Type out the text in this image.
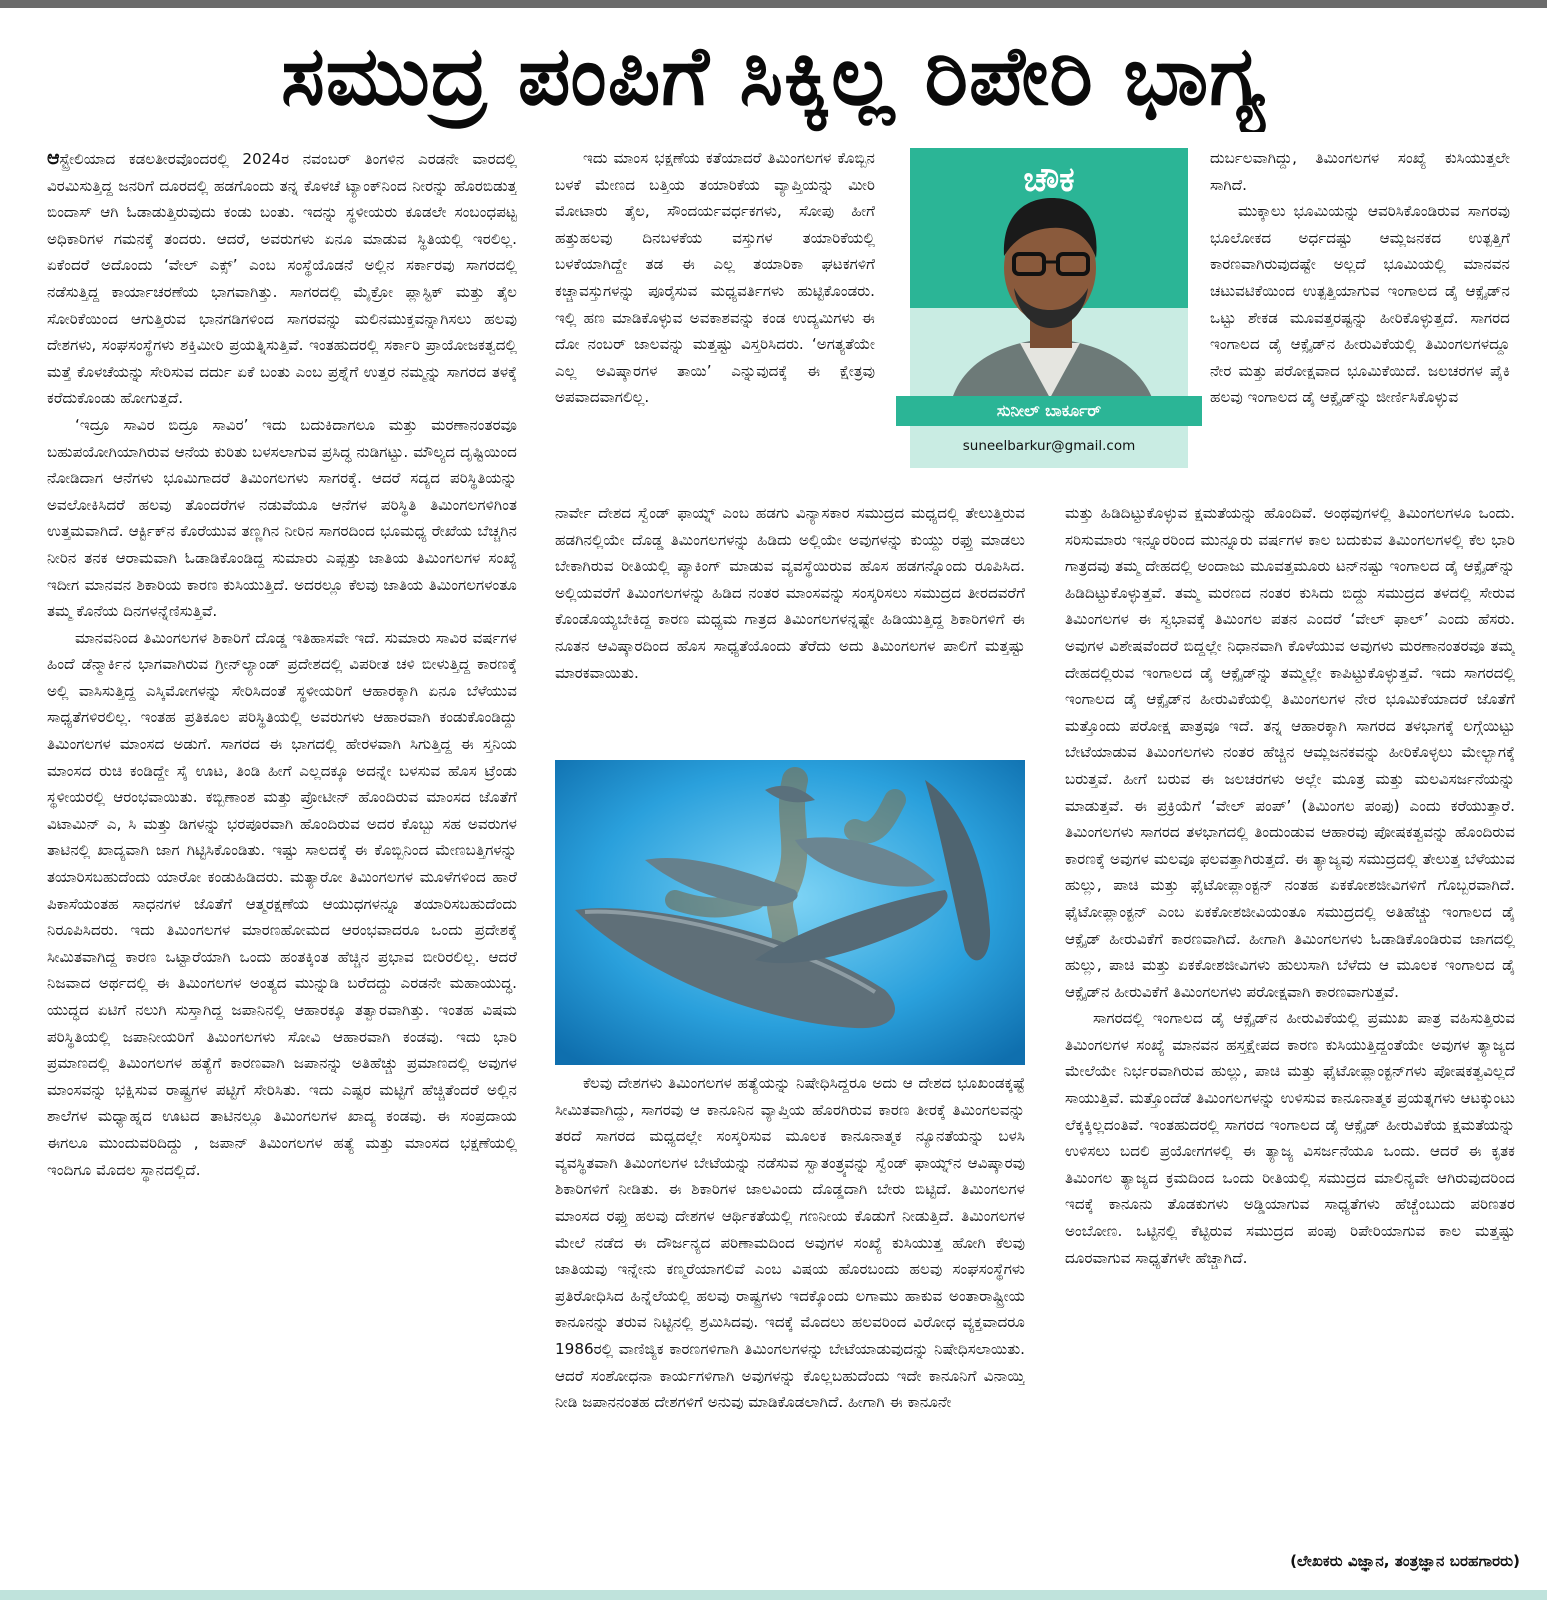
ಸಮುದ್ರ ಪಂಪಿಗೆ ಸಿಕ್ಕಿಲ್ಲ ರಿಪೇರಿ ಭಾಗ್ಯ

ಆಸ್ಟ್ರೇಲಿಯಾದ ಕಡಲತೀರವೊಂದರಲ್ಲಿ 2024ರ ನವಂಬರ್ ತಿಂಗಳಿನ ಎರಡನೇ ವಾರದಲ್ಲಿ ವಿರಮಿಸುತ್ತಿದ್ದ ಜನರಿಗೆ ದೂರದಲ್ಲಿ ಹಡಗೊಂದು ತನ್ನ ಕೊಳಚೆ ಟ್ಯಾಂಕ್‌ನಿಂದ ನೀರನ್ನು ಹೊರಬಿಡುತ್ತ ಬಿಂದಾಸ್ ಆಗಿ ಓಡಾಡುತ್ತಿರುವುದು ಕಂಡು ಬಂತು. ಇದನ್ನು ಸ್ಥಳೀಯರು ಕೂಡಲೇ ಸಂಬಂಧಪಟ್ಟ ಅಧಿಕಾರಿಗಳ ಗಮನಕ್ಕೆ ತಂದರು. ಆದರೆ, ಅವರುಗಳು ಏನೂ ಮಾಡುವ ಸ್ಥಿತಿಯಲ್ಲಿ ಇರಲಿಲ್ಲ. ಏಕೆಂದರೆ ಅದೊಂದು ‘ವೇಲ್ ಎಕ್ಸ್’ ಎಂಬ ಸಂಸ್ಥೆಯೊಡನೆ ಅಲ್ಲಿನ ಸರ್ಕಾರವು ಸಾಗರದಲ್ಲಿ ನಡೆಸುತ್ತಿದ್ದ ಕಾರ್ಯಾಚರಣೆಯ ಭಾಗವಾಗಿತ್ತು. ಸಾಗರದಲ್ಲಿ ಮೈಕ್ರೋ ಪ್ಲಾಸ್ಟಿಕ್ ಮತ್ತು ತೈಲ ಸೋರಿಕೆಯಿಂದ ಆಗುತ್ತಿರುವ ಭಾನಗಡಿಗಳಿಂದ ಸಾಗರವನ್ನು ಮಲಿನಮುಕ್ತವನ್ನಾಗಿಸಲು ಹಲವು ದೇಶಗಳು, ಸಂಘಸಂಸ್ಥೆಗಳು ಶಕ್ತಿಮೀರಿ ಪ್ರಯತ್ನಿಸುತ್ತಿವೆ. ಇಂತಹುದರಲ್ಲಿ ಸರ್ಕಾರಿ ಪ್ರಾಯೋಜಕತ್ವದಲ್ಲಿ ಮತ್ತೆ ಕೊಳಚೆಯನ್ನು ಸೇರಿಸುವ ದರ್ದು ಏಕೆ ಬಂತು ಎಂಬ ಪ್ರಶ್ನೆಗೆ ಉತ್ತರ ನಮ್ಮನ್ನು ಸಾಗರದ ತಳಕ್ಕೆ ಕರೆದುಕೊಂಡು ಹೋಗುತ್ತದೆ.

‘ಇದ್ರೂ ಸಾವಿರ ಬಿದ್ರೂ ಸಾವಿರ’ ಇದು ಬದುಕಿದಾಗಲೂ ಮತ್ತು ಮರಣಾನಂತರವೂ ಬಹುಪಯೋಗಿಯಾಗಿರುವ ಆನೆಯ ಕುರಿತು ಬಳಸಲಾಗುವ ಪ್ರಸಿದ್ಧ ನುಡಿಗಟ್ಟು. ಮೌಲ್ಯದ ದೃಷ್ಟಿಯಿಂದ ನೋಡಿದಾಗ ಆನೆಗಳು ಭೂಮಿಗಾದರೆ ತಿಮಿಂಗಲಗಳು ಸಾಗರಕ್ಕೆ. ಆದರೆ ಸದ್ಯದ ಪರಿಸ್ಥಿತಿಯನ್ನು ಅವಲೋಕಿಸಿದರೆ ಹಲವು ತೊಂದರೆಗಳ ನಡುವೆಯೂ ಆನೆಗಳ ಪರಿಸ್ಥಿತಿ ತಿಮಿಂಗಲಗಳಿಗಿಂತ ಉತ್ತಮವಾಗಿದೆ. ಆರ್ಕ್ಟಿಕ್‌ನ ಕೊರೆಯುವ ತಣ್ಣಗಿನ ನೀರಿನ ಸಾಗರದಿಂದ ಭೂಮಧ್ಯ ರೇಖೆಯ ಬೆಚ್ಚಗಿನ ನೀರಿನ ತನಕ ಆರಾಮವಾಗಿ ಓಡಾಡಿಕೊಂಡಿದ್ದ ಸುಮಾರು ಎಪ್ಪತ್ತು ಜಾತಿಯ ತಿಮಿಂಗಲಗಳ ಸಂಖ್ಯೆ ಇದೀಗ ಮಾನವನ ಶಿಕಾರಿಯ ಕಾರಣ ಕುಸಿಯುತ್ತಿದೆ. ಅದರಲ್ಲೂ ಕೆಲವು ಜಾತಿಯ ತಿಮಿಂಗಲಗಳಂತೂ ತಮ್ಮ ಕೊನೆಯ ದಿನಗಳನ್ನೆಣಿಸುತ್ತಿವೆ.

ಮಾನವನಿಂದ ತಿಮಿಂಗಲಗಳ ಶಿಕಾರಿಗೆ ದೊಡ್ಡ ಇತಿಹಾಸವೇ ಇದೆ. ಸುಮಾರು ಸಾವಿರ ವರ್ಷಗಳ ಹಿಂದೆ ಡೆನ್ಮಾರ್ಕಿನ ಭಾಗವಾಗಿರುವ ಗ್ರೀನ್‌ಲ್ಯಾಂಡ್ ಪ್ರದೇಶದಲ್ಲಿ ವಿಪರೀತ ಚಳಿ ಬೀಳುತ್ತಿದ್ದ ಕಾರಣಕ್ಕೆ ಅಲ್ಲಿ ವಾಸಿಸುತ್ತಿದ್ದ ಎಸ್ಕಿಮೋಗಳನ್ನು ಸೇರಿಸಿದಂತೆ ಸ್ಥಳೀಯರಿಗೆ ಆಹಾರಕ್ಕಾಗಿ ಏನೂ ಬೆಳೆಯುವ ಸಾಧ್ಯತೆಗಳಿರಲಿಲ್ಲ. ಇಂತಹ ಪ್ರತಿಕೂಲ ಪರಿಸ್ಥಿತಿಯಲ್ಲಿ ಅವರುಗಳು ಆಹಾರವಾಗಿ ಕಂಡುಕೊಂಡಿದ್ದು ತಿಮಿಂಗಲಗಳ ಮಾಂಸದ ಅಡುಗೆ. ಸಾಗರದ ಈ ಭಾಗದಲ್ಲಿ ಹೇರಳವಾಗಿ ಸಿಗುತ್ತಿದ್ದ ಈ ಸ್ತನಿಯ ಮಾಂಸದ ರುಚಿ ಕಂಡಿದ್ದೇ ಸೈ ಊಟ, ತಿಂಡಿ ಹೀಗೆ ಎಲ್ಲದಕ್ಕೂ ಅದನ್ನೇ ಬಳಸುವ ಹೊಸ ಟ್ರೆಂಡು ಸ್ಥಳೀಯರಲ್ಲಿ ಆರಂಭವಾಯಿತು. ಕಬ್ಬಿಣಾಂಶ ಮತ್ತು ಪ್ರೋಟೀನ್ ಹೊಂದಿರುವ ಮಾಂಸದ ಜೊತೆಗೆ ವಿಟಾಮಿನ್ ಎ, ಸಿ ಮತ್ತು ಡಿಗಳನ್ನು ಭರಪೂರವಾಗಿ ಹೊಂದಿರುವ ಅದರ ಕೊಬ್ಬು ಸಹ ಅವರುಗಳ ತಾಟಿನಲ್ಲಿ ಖಾದ್ಯವಾಗಿ ಜಾಗ ಗಿಟ್ಟಿಸಿಕೊಂಡಿತು. ಇಷ್ಟು ಸಾಲದಕ್ಕೆ ಈ ಕೊಬ್ಬಿನಿಂದ ಮೇಣಬತ್ತಿಗಳನ್ನು ತಯಾರಿಸಬಹುದೆಂದು ಯಾರೋ ಕಂಡುಹಿಡಿದರು. ಮತ್ಯಾರೋ ತಿಮಿಂಗಲಗಳ ಮೂಳೆಗಳಿಂದ ಹಾರೆ ಪಿಕಾಸೆಯಂತಹ ಸಾಧನಗಳ ಜೊತೆಗೆ ಆತ್ಮರಕ್ಷಣೆಯ ಆಯುಧಗಳನ್ನೂ ತಯಾರಿಸಬಹುದೆಂದು ನಿರೂಪಿಸಿದರು. ಇದು ತಿಮಿಂಗಲಗಳ ಮಾರಣಹೋಮದ ಆರಂಭವಾದರೂ ಒಂದು ಪ್ರದೇಶಕ್ಕೆ ಸೀಮಿತವಾಗಿದ್ದ ಕಾರಣ ಒಟ್ಟಾರೆಯಾಗಿ ಒಂದು ಹಂತಕ್ಕಿಂತ ಹೆಚ್ಚಿನ ಪ್ರಭಾವ ಬೀರಿರಲಿಲ್ಲ. ಆದರೆ ನಿಜವಾದ ಅರ್ಥದಲ್ಲಿ ಈ ತಿಮಿಂಗಲಗಳ ಅಂತ್ಯದ ಮುನ್ನುಡಿ ಬರೆದದ್ದು ಎರಡನೇ ಮಹಾಯುದ್ಧ. ಯುದ್ಧದ ಏಟಿಗೆ ನಲುಗಿ ಸುಸ್ತಾಗಿದ್ದ ಜಪಾನಿನಲ್ಲಿ ಆಹಾರಕ್ಕೂ ತತ್ವಾರವಾಗಿತ್ತು. ಇಂತಹ ವಿಷಮ ಪರಿಸ್ಥಿತಿಯಲ್ಲಿ ಜಪಾನೀಯರಿಗೆ ತಿಮಿಂಗಲಗಳು ಸೋವಿ ಆಹಾರವಾಗಿ ಕಂಡವು. ಇದು ಭಾರಿ ಪ್ರಮಾಣದಲ್ಲಿ ತಿಮಿಂಗಲಗಳ ಹತ್ಯೆಗೆ ಕಾರಣವಾಗಿ ಜಪಾನನ್ನು ಅತಿಹೆಚ್ಚು ಪ್ರಮಾಣದಲ್ಲಿ ಅವುಗಳ ಮಾಂಸವನ್ನು ಭಕ್ಷಿಸುವ ರಾಷ್ಟ್ರಗಳ ಪಟ್ಟಿಗೆ ಸೇರಿಸಿತು. ಇದು ಎಷ್ಟರ ಮಟ್ಟಿಗೆ ಹೆಚ್ಚಿತೆಂದರೆ ಅಲ್ಲಿನ ಶಾಲೆಗಳ ಮಧ್ಯಾಹ್ನದ ಊಟದ ತಾಟಿನಲ್ಲೂ ತಿಮಿಂಗಲಗಳ ಖಾದ್ಯ ಕಂಡವು. ಈ ಸಂಪ್ರದಾಯ ಈಗಲೂ ಮುಂದುವರಿದಿದ್ದು , ಜಪಾನ್ ತಿಮಿಂಗಲಗಳ ಹತ್ಯೆ ಮತ್ತು ಮಾಂಸದ ಭಕ್ಷಣೆಯಲ್ಲಿ ಇಂದಿಗೂ ಮೊದಲ ಸ್ಥಾನದಲ್ಲಿದೆ.

ಇದು ಮಾಂಸ ಭಕ್ಷಣೆಯ ಕತೆಯಾದರೆ ತಿಮಿಂಗಲಗಳ ಕೊಬ್ಬಿನ ಬಳಕೆ ಮೇಣದ ಬತ್ತಿಯ ತಯಾರಿಕೆಯ ವ್ಯಾಪ್ತಿಯನ್ನು ಮೀರಿ ಮೋಟಾರು ತೈಲ, ಸೌಂದರ್ಯವರ್ಧಕಗಳು, ಸೋಪು ಹೀಗೆ ಹತ್ತುಹಲವು ದಿನಬಳಕೆಯ ವಸ್ತುಗಳ ತಯಾರಿಕೆಯಲ್ಲಿ ಬಳಕೆಯಾಗಿದ್ದೇ ತಡ ಈ ಎಲ್ಲ ತಯಾರಿಕಾ ಘಟಕಗಳಿಗೆ ಕಚ್ಚಾವಸ್ತುಗಳನ್ನು ಪೂರೈಸುವ ಮಧ್ಯವರ್ತಿಗಳು ಹುಟ್ಟಿಕೊಂಡರು. ಇಲ್ಲಿ ಹಣ ಮಾಡಿಕೊಳ್ಳುವ ಅವಕಾಶವನ್ನು ಕಂಡ ಉದ್ಯಮಿಗಳು ಈ ದೋ ನಂಬರ್ ಜಾಲವನ್ನು ಮತ್ತಷ್ಟು ವಿಸ್ತರಿಸಿದರು. ‘ಅಗತ್ಯತೆಯೇ ಎಲ್ಲ ಅವಿಷ್ಕಾರಗಳ ತಾಯಿ’ ಎನ್ನುವುದಕ್ಕೆ ಈ ಕ್ಷೇತ್ರವು ಅಪವಾದವಾಗಲಿಲ್ಲ.

ನಾರ್ವೇ ದೇಶದ ಸ್ವೆಂಡ್ ಫಾಯ್ನ್ ಎಂಬ ಹಡಗು ವಿನ್ಯಾಸಕಾರ ಸಮುದ್ರದ ಮಧ್ಯದಲ್ಲಿ ತೇಲುತ್ತಿರುವ ಹಡಗಿನಲ್ಲಿಯೇ ದೊಡ್ಡ ತಿಮಿಂಗಲಗಳನ್ನು ಹಿಡಿದು ಅಲ್ಲಿಯೇ ಅವುಗಳನ್ನು ಕುಯ್ದು ರಫ್ತು ಮಾಡಲು ಬೇಕಾಗಿರುವ ರೀತಿಯಲ್ಲಿ ಪ್ಯಾಕಿಂಗ್ ಮಾಡುವ ವ್ಯವಸ್ಥೆಯಿರುವ ಹೊಸ ಹಡಗನ್ನೊಂದು ರೂಪಿಸಿದ. ಅಲ್ಲಿಯವರೆಗೆ ತಿಮಿಂಗಲಗಳನ್ನು ಹಿಡಿದ ನಂತರ ಮಾಂಸವನ್ನು ಸಂಸ್ಕರಿಸಲು ಸಮುದ್ರದ ತೀರದವರೆಗೆ ಕೊಂಡೊಯ್ಯಬೇಕಿದ್ದ ಕಾರಣ ಮಧ್ಯಮ ಗಾತ್ರದ ತಿಮಿಂಗಲಗಳನ್ನಷ್ಟೇ ಹಿಡಿಯುತ್ತಿದ್ದ ಶಿಕಾರಿಗಳಿಗೆ ಈ ನೂತನ ಆವಿಷ್ಕಾರದಿಂದ ಹೊಸ ಸಾಧ್ಯತೆಯೊಂದು ತೆರೆದು ಅದು ತಿಮಿಂಗಲಗಳ ಪಾಲಿಗೆ ಮತ್ತಷ್ಟು ಮಾರಕವಾಯಿತು.

ಚೌಕ
ಸುನೀಲ್ ಬಾರ್ಕೂರ್
suneelbarkur@gmail.com

ಕೆಲವು ದೇಶಗಳು ತಿಮಿಂಗಲಗಳ ಹತ್ಯೆಯನ್ನು ನಿಷೇಧಿಸಿದ್ದರೂ ಅದು ಆ ದೇಶದ ಭೂಖಂಡಕ್ಕಷ್ಟೆ ಸೀಮಿತವಾಗಿದ್ದು, ಸಾಗರವು ಆ ಕಾನೂನಿನ ವ್ಯಾಪ್ತಿಯ ಹೊರಗಿರುವ ಕಾರಣ ತೀರಕ್ಕೆ ತಿಮಿಂಗಲವನ್ನು ತರದೆ ಸಾಗರದ ಮಧ್ಯದಲ್ಲೇ ಸಂಸ್ಕರಿಸುವ ಮೂಲಕ ಕಾನೂನಾತ್ಮಕ ನ್ಯೂನತೆಯನ್ನು ಬಳಸಿ ವ್ಯವಸ್ಥಿತವಾಗಿ ತಿಮಿಂಗಲಗಳ ಬೇಟೆಯನ್ನು ನಡೆಸುವ ಸ್ವಾತಂತ್ರ್ಯವನ್ನು ಸ್ವೆಂಡ್ ಫಾಯ್ನ್‌ನ ಆವಿಷ್ಕಾರವು ಶಿಕಾರಿಗಳಿಗೆ ನೀಡಿತು. ಈ ಶಿಕಾರಿಗಳ ಜಾಲವಿಂದು ದೊಡ್ಡದಾಗಿ ಬೇರು ಬಿಟ್ಟಿದೆ. ತಿಮಿಂಗಲಗಳ ಮಾಂಸದ ರಫ್ತು ಹಲವು ದೇಶಗಳ ಆರ್ಥಿಕತೆಯಲ್ಲಿ ಗಣನೀಯ ಕೊಡುಗೆ ನೀಡುತ್ತಿದೆ. ತಿಮಿಂಗಲಗಳ ಮೇಲೆ ನಡೆದ ಈ ದೌರ್ಜನ್ಯದ ಪರಿಣಾಮದಿಂದ ಅವುಗಳ ಸಂಖ್ಯೆ ಕುಸಿಯುತ್ತ ಹೋಗಿ ಕೆಲವು ಜಾತಿಯವು ಇನ್ನೇನು ಕಣ್ಮರೆಯಾಗಲಿವೆ ಎಂಬ ವಿಷಯ ಹೊರಬಂದು ಹಲವು ಸಂಘಸಂಸ್ಥೆಗಳು ಪ್ರತಿರೋಧಿಸಿದ ಹಿನ್ನೆಲೆಯಲ್ಲಿ ಹಲವು ರಾಷ್ಟ್ರಗಳು ಇದಕ್ಕೊಂದು ಲಗಾಮು ಹಾಕುವ ಅಂತಾರಾಷ್ಟ್ರೀಯ ಕಾನೂನನ್ನು ತರುವ ನಿಟ್ಟಿನಲ್ಲಿ ಶ್ರಮಿಸಿದವು. ಇದಕ್ಕೆ ಮೊದಲು ಹಲವರಿಂದ ವಿರೋಧ ವ್ಯಕ್ತವಾದರೂ 1986ರಲ್ಲಿ ವಾಣಿಜ್ಯಿಕ ಕಾರಣಗಳಿಗಾಗಿ ತಿಮಿಂಗಲಗಳನ್ನು ಬೇಟೆಯಾಡುವುದನ್ನು ನಿಷೇಧಿಸಲಾಯಿತು. ಆದರೆ ಸಂಶೋಧನಾ ಕಾರ್ಯಗಳಿಗಾಗಿ ಅವುಗಳನ್ನು ಕೊಲ್ಲಬಹುದೆಂದು ಇದೇ ಕಾನೂನಿಗೆ ವಿನಾಯ್ತಿ ನೀಡಿ ಜಪಾನನಂತಹ ದೇಶಗಳಿಗೆ ಅನುವು ಮಾಡಿಕೊಡಲಾಗಿದೆ. ಹೀಗಾಗಿ ಈ ಕಾನೂನೇ

ದುರ್ಬಲವಾಗಿದ್ದು, ತಿಮಿಂಗಲಗಳ ಸಂಖ್ಯೆ ಕುಸಿಯುತ್ತಲೇ ಸಾಗಿದೆ.

ಮುಕ್ಕಾಲು ಭೂಮಿಯನ್ನು ಆವರಿಸಿಕೊಂಡಿರುವ ಸಾಗರವು ಭೂಲೋಕದ ಅರ್ಧದಷ್ಟು ಆಮ್ಲಜನಕದ ಉತ್ಪತ್ತಿಗೆ ಕಾರಣವಾಗಿರುವುದಷ್ಟೇ ಅಲ್ಲದೆ ಭೂಮಿಯಲ್ಲಿ ಮಾನವನ ಚಟುವಟಿಕೆಯಿಂದ ಉತ್ಪತ್ತಿಯಾಗುವ ಇಂಗಾಲದ ಡೈ ಆಕ್ಸೈಡ್‌ನ ಒಟ್ಟು ಶೇಕಡ ಮೂವತ್ತರಷ್ಟನ್ನು ಹೀರಿಕೊಳ್ಳುತ್ತದೆ. ಸಾಗರದ ಇಂಗಾಲದ ಡೈ ಆಕ್ಸೈಡ್‌ನ ಹೀರುವಿಕೆಯಲ್ಲಿ ತಿಮಿಂಗಲಗಳದ್ದೂ ನೇರ ಮತ್ತು ಪರೋಕ್ಷವಾದ ಭೂಮಿಕೆಯಿದೆ. ಜಲಚರಗಳ ಪೈಕಿ ಹಲವು ಇಂಗಾಲದ ಡೈ ಆಕ್ಸೈಡ್‌ನ್ನು ಜೀರ್ಣಿಸಿಕೊಳ್ಳುವ

ಮತ್ತು ಹಿಡಿದಿಟ್ಟುಕೊಳ್ಳುವ ಕ್ಷಮತೆಯನ್ನು ಹೊಂದಿವೆ. ಅಂಥವುಗಳಲ್ಲಿ ತಿಮಿಂಗಲಗಳೂ ಒಂದು. ಸರಿಸುಮಾರು ಇನ್ನೂರರಿಂದ ಮುನ್ನೂರು ವರ್ಷಗಳ ಕಾಲ ಬದುಕುವ ತಿಮಿಂಗಲಗಳಲ್ಲಿ ಕೆಲ ಭಾರಿ ಗಾತ್ರದವು ತಮ್ಮ ದೇಹದಲ್ಲಿ ಅಂದಾಜು ಮೂವತ್ತಮೂರು ಟನ್‌ನಷ್ಟು ಇಂಗಾಲದ ಡೈ ಆಕ್ಸೈಡ್‌ನ್ನು ಹಿಡಿದಿಟ್ಟುಕೊಳ್ಳುತ್ತವೆ. ತಮ್ಮ ಮರಣದ ನಂತರ ಕುಸಿದು ಬಿದ್ದು ಸಮುದ್ರದ ತಳದಲ್ಲಿ ಸೇರುವ ತಿಮಿಂಗಲಗಳ ಈ ಸ್ವಭಾವಕ್ಕೆ ತಿಮಿಂಗಲ ಪತನ ಎಂದರೆ ‘ವೇಲ್ ಫಾಲ್’ ಎಂದು ಹೆಸರು. ಅವುಗಳ ವಿಶೇಷವೆಂದರೆ ಬಿದ್ದಲ್ಲೇ ನಿಧಾನವಾಗಿ ಕೊಳೆಯುವ ಅವುಗಳು ಮರಣಾನಂತರವೂ ತಮ್ಮ ದೇಹದಲ್ಲಿರುವ ಇಂಗಾಲದ ಡೈ ಆಕ್ಸೈಡ್‌ನ್ನು ತಮ್ಮಲ್ಲೇ ಕಾಪಿಟ್ಟುಕೊಳ್ಳುತ್ತವೆ. ಇದು ಸಾಗರದಲ್ಲಿ ಇಂಗಾಲದ ಡೈ ಆಕ್ಸೈಡ್‌ನ ಹೀರುವಿಕೆಯಲ್ಲಿ ತಿಮಿಂಗಲಗಳ ನೇರ ಭೂಮಿಕೆಯಾದರೆ ಜೊತೆಗೆ ಮತ್ತೊಂದು ಪರೋಕ್ಷ ಪಾತ್ರವೂ ಇದೆ. ತನ್ನ ಆಹಾರಕ್ಕಾಗಿ ಸಾಗರದ ತಳಭಾಗಕ್ಕೆ ಲಗ್ಗೆಯಿಟ್ಟು ಬೇಟೆಯಾಡುವ ತಿಮಿಂಗಲಗಳು ನಂತರ ಹೆಚ್ಚಿನ ಆಮ್ಲಜನಕವನ್ನು ಹೀರಿಕೊಳ್ಳಲು ಮೇಲ್ಭಾಗಕ್ಕೆ ಬರುತ್ತವೆ. ಹೀಗೆ ಬರುವ ಈ ಜಲಚರಗಳು ಅಲ್ಲೇ ಮೂತ್ರ ಮತ್ತು ಮಲವಿಸರ್ಜನೆಯನ್ನು ಮಾಡುತ್ತವೆ. ಈ ಪ್ರಕ್ರಿಯೆಗೆ ‘ವೇಲ್ ಪಂಪ್’ (ತಿಮಿಂಗಲ ಪಂಪು) ಎಂದು ಕರೆಯುತ್ತಾರೆ. ತಿಮಿಂಗಲಗಳು ಸಾಗರದ ತಳಭಾಗದಲ್ಲಿ ತಿಂದುಂಡುವ ಆಹಾರವು ಪೋಷಕತ್ವವನ್ನು ಹೊಂದಿರುವ ಕಾರಣಕ್ಕೆ ಅವುಗಳ ಮಲವೂ ಫಲವತ್ತಾಗಿರುತ್ತದೆ. ಈ ತ್ಯಾಜ್ಯವು ಸಮುದ್ರದಲ್ಲಿ ತೇಲುತ್ತ ಬೆಳೆಯುವ ಹುಲ್ಲು, ಪಾಚಿ ಮತ್ತು ಫೈಟೋಪ್ಲಾಂಕ್ಟನ್ ನಂತಹ ಏಕಕೋಶಜೀವಿಗಳಿಗೆ ಗೊಬ್ಬರವಾಗಿದೆ. ಫೈಟೋಪ್ಲಾಂಕ್ಟನ್ ಎಂಬ ಏಕಕೋಶಜೀವಿಯಂತೂ ಸಮುದ್ರದಲ್ಲಿ ಅತಿಹೆಚ್ಚು ಇಂಗಾಲದ ಡೈ ಆಕ್ಸೈಡ್ ಹೀರುವಿಕೆಗೆ ಕಾರಣವಾಗಿದೆ. ಹೀಗಾಗಿ ತಿಮಿಂಗಲಗಳು ಓಡಾಡಿಕೊಂಡಿರುವ ಜಾಗದಲ್ಲಿ ಹುಲ್ಲು, ಪಾಚಿ ಮತ್ತು ಏಕಕೋಶಜೀವಿಗಳು ಹುಲುಸಾಗಿ ಬೆಳೆದು ಆ ಮೂಲಕ ಇಂಗಾಲದ ಡೈ ಆಕ್ಸೈಡ್‌ನ ಹೀರುವಿಕೆಗೆ ತಿಮಿಂಗಲಗಳು ಪರೋಕ್ಷವಾಗಿ ಕಾರಣವಾಗುತ್ತವೆ.

ಸಾಗರದಲ್ಲಿ ಇಂಗಾಲದ ಡೈ ಆಕ್ಸೈಡ್‌ನ ಹೀರುವಿಕೆಯಲ್ಲಿ ಪ್ರಮುಖ ಪಾತ್ರ ವಹಿಸುತ್ತಿರುವ ತಿಮಿಂಗಲಗಳ ಸಂಖ್ಯೆ ಮಾನವನ ಹಸ್ತಕ್ಷೇಪದ ಕಾರಣ ಕುಸಿಯುತ್ತಿದ್ದಂತೆಯೇ ಅವುಗಳ ತ್ಯಾಜ್ಯದ ಮೇಲೆಯೇ ನಿರ್ಭರವಾಗಿರುವ ಹುಲ್ಲು, ಪಾಚಿ ಮತ್ತು ಫೈಟೋಪ್ಲಾಂಕ್ಟನ್‌ಗಳು ಪೋಷಕತ್ವವಿಲ್ಲದೆ ಸಾಯುತ್ತಿವೆ. ಮತ್ತೊಂದೆಡೆ ತಿಮಿಂಗಲಗಳನ್ನು ಉಳಿಸುವ ಕಾನೂನಾತ್ಮಕ ಪ್ರಯತ್ನಗಳು ಆಟಕ್ಕುಂಟು ಲೆಕ್ಕಕ್ಕಿಲ್ಲದಂತಿವೆ. ಇಂತಹುದರಲ್ಲಿ ಸಾಗರದ ಇಂಗಾಲದ ಡೈ ಆಕ್ಸೈಡ್ ಹೀರುವಿಕೆಯ ಕ್ಷಮತೆಯನ್ನು ಉಳಿಸಲು ಬದಲಿ ಪ್ರಯೋಗಗಳಲ್ಲಿ ಈ ತ್ಯಾಜ್ಯ ವಿಸರ್ಜನೆಯೂ ಒಂದು. ಆದರೆ ಈ ಕೃತಕ ತಿಮಿಂಗಲ ತ್ಯಾಜ್ಯದ ಕ್ರಮದಿಂದ ಒಂದು ರೀತಿಯಲ್ಲಿ ಸಮುದ್ರದ ಮಾಲಿನ್ಯವೇ ಆಗಿರುವುದರಿಂದ ಇದಕ್ಕೆ ಕಾನೂನು ತೊಡಕುಗಳು ಅಡ್ಡಿಯಾಗುವ ಸಾಧ್ಯತೆಗಳು ಹೆಚ್ಚೆಂಬುದು ಪರಿಣತರ ಅಂಬೋಣ. ಒಟ್ಟಿನಲ್ಲಿ ಕೆಟ್ಟಿರುವ ಸಮುದ್ರದ ಪಂಪು ರಿಪೇರಿಯಾಗುವ ಕಾಲ ಮತ್ತಷ್ಟು ದೂರವಾಗುವ ಸಾಧ್ಯತೆಗಳೇ ಹೆಚ್ಚಾಗಿದೆ.

(ಲೇಖಕರು ವಿಜ್ಞಾನ, ತಂತ್ರಜ್ಞಾನ ಬರಹಗಾರರು)
